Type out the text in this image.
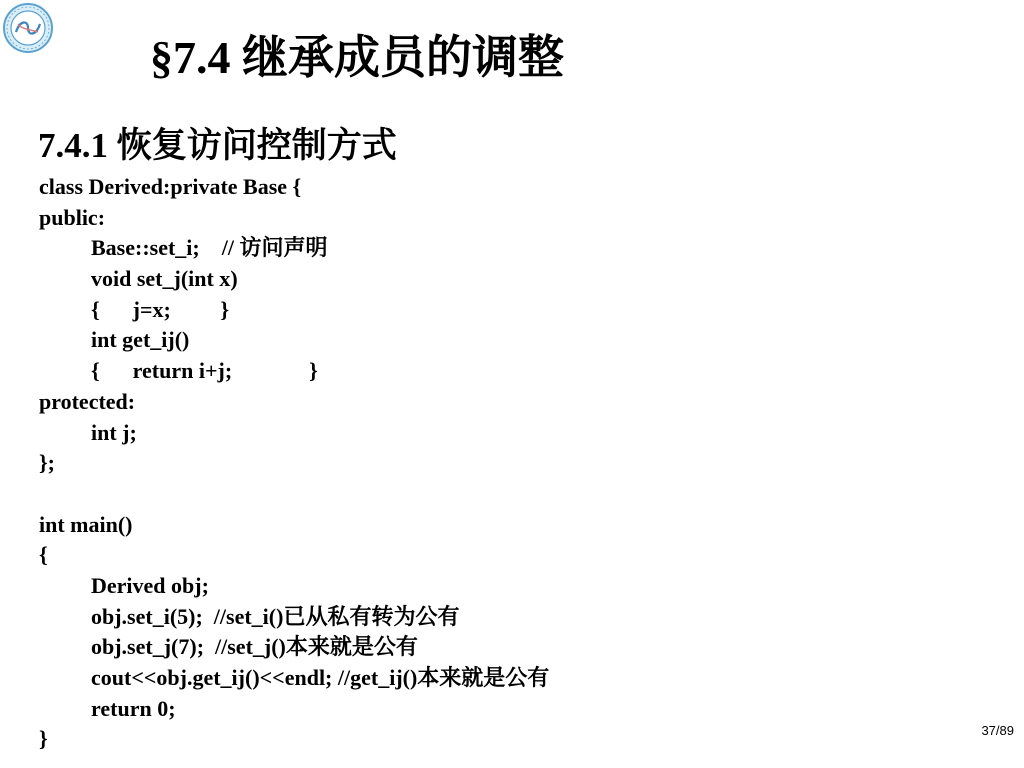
§7.4 继承成员的调整
7.4.1 恢复访问控制方式
class Derived:private Base {
public:
Base::set_i;    // 访问声明
void set_j(int x)
{      j=x;         }
int get_ij()
{      return i+j;              }
protected:
int j;
};
int main()
{
Derived obj;
obj.set_i(5);  //set_i()已从私有转为公有
obj.set_j(7);  //set_j()本来就是公有
cout<<obj.get_ij()<<endl; //get_ij()本来就是公有
return 0;
}	37/89
